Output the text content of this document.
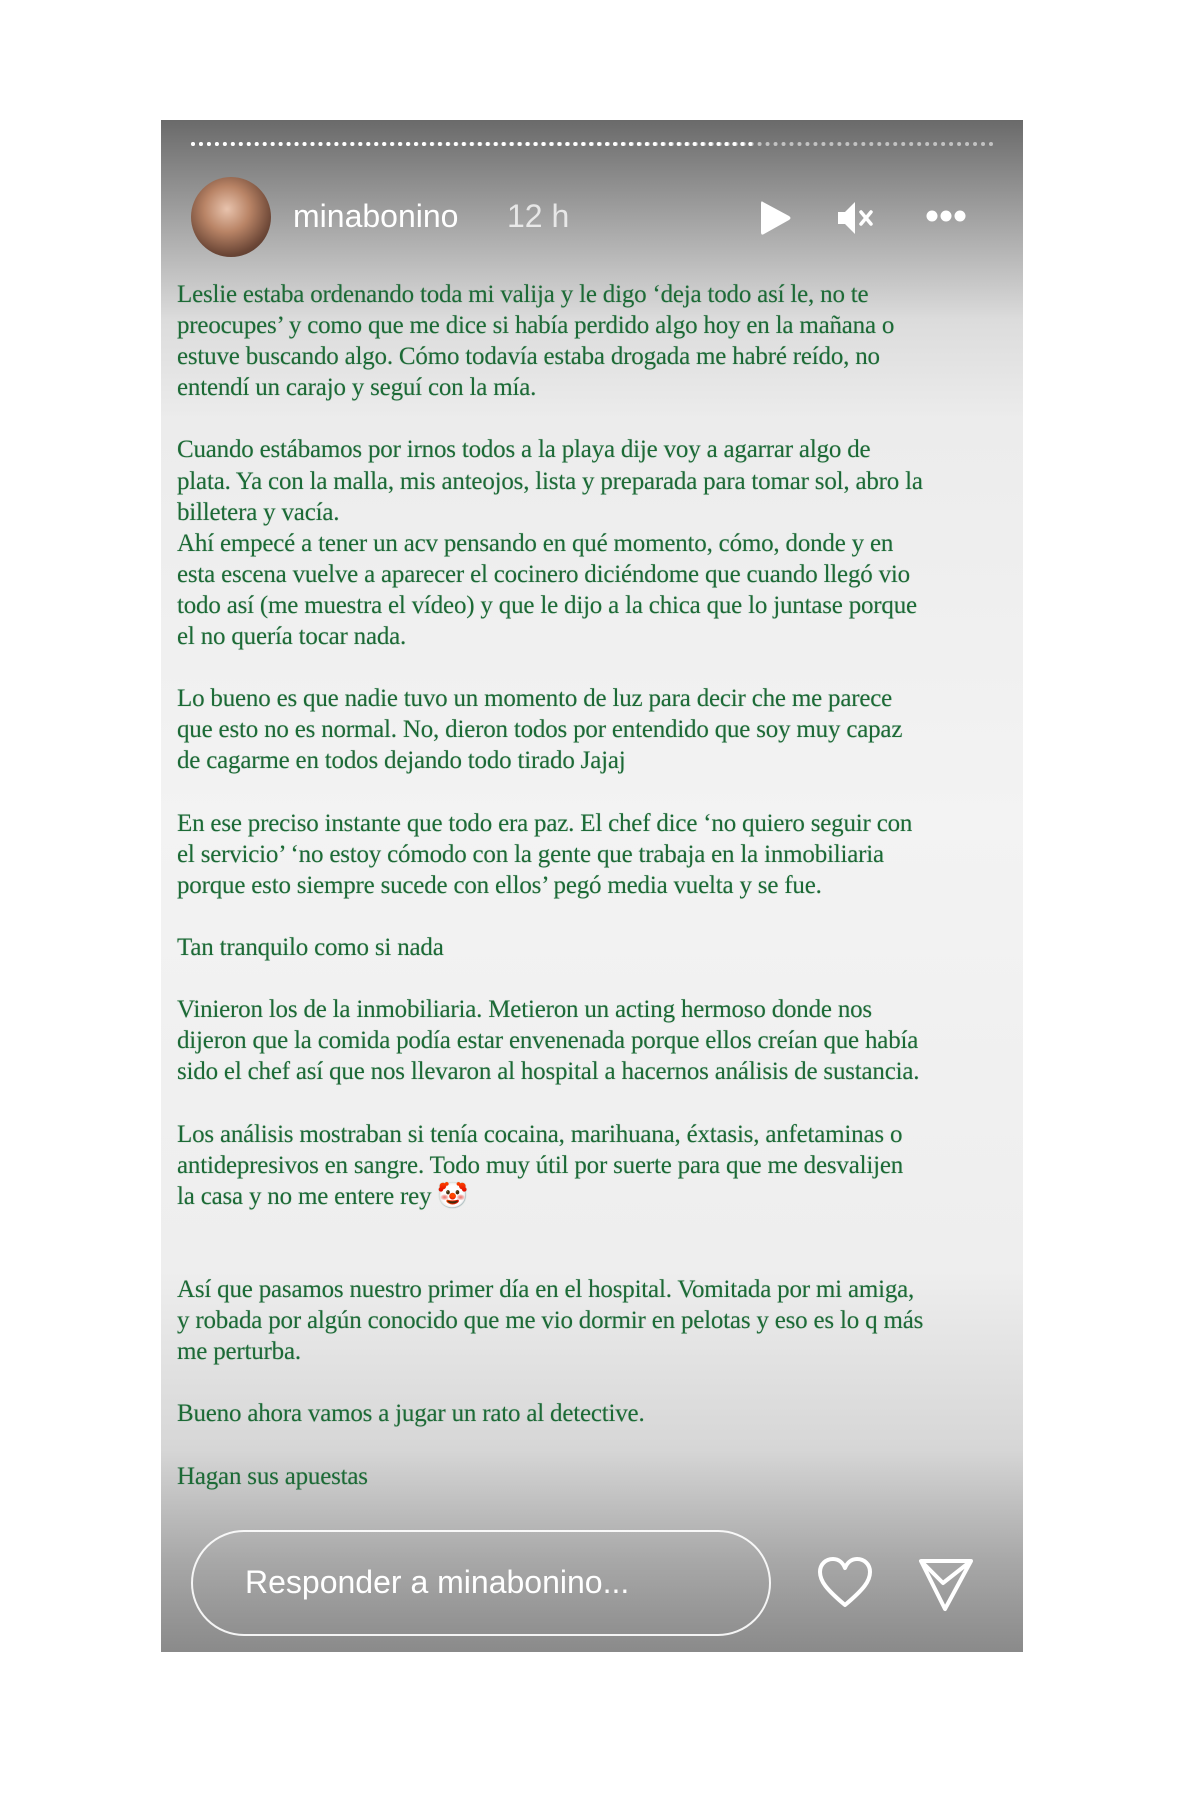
minabonino 12 h
Leslie estaba ordenando toda mi valija y le digo ‘deja todo así le, no te
preocupes’ y como que me dice si había perdido algo hoy en la mañana o
estuve buscando algo. Cómo todavía estaba drogada me habré reído, no
entendí un carajo y seguí con la mía.
Cuando estábamos por irnos todos a la playa dije voy a agarrar algo de
plata. Ya con la malla, mis anteojos, lista y preparada para tomar sol, abro la
billetera y vacía.
Ahí empecé a tener un acv pensando en qué momento, cómo, donde y en
esta escena vuelve a aparecer el cocinero diciéndome que cuando llegó vio
todo así (me muestra el vídeo) y que le dijo a la chica que lo juntase porque
el no quería tocar nada.
Lo bueno es que nadie tuvo un momento de luz para decir che me parece
que esto no es normal. No, dieron todos por entendido que soy muy capaz
de cagarme en todos dejando todo tirado Jajaj
En ese preciso instante que todo era paz. El chef dice ‘no quiero seguir con
el servicio’ ‘no estoy cómodo con la gente que trabaja en la inmobiliaria
porque esto siempre sucede con ellos’ pegó media vuelta y se fue.
Tan tranquilo como si nada
Vinieron los de la inmobiliaria. Metieron un acting hermoso donde nos
dijeron que la comida podía estar envenenada porque ellos creían que había
sido el chef así que nos llevaron al hospital a hacernos análisis de sustancia.
Los análisis mostraban si tenía cocaina, marihuana, éxtasis, anfetaminas o
antidepresivos en sangre. Todo muy útil por suerte para que me desvalijen
la casa y no me entere rey 🤡
Así que pasamos nuestro primer día en el hospital. Vomitada por mi amiga,
y robada por algún conocido que me vio dormir en pelotas y eso es lo q más
me perturba.
Bueno ahora vamos a jugar un rato al detective.
Hagan sus apuestas
Responder a minabonino...
